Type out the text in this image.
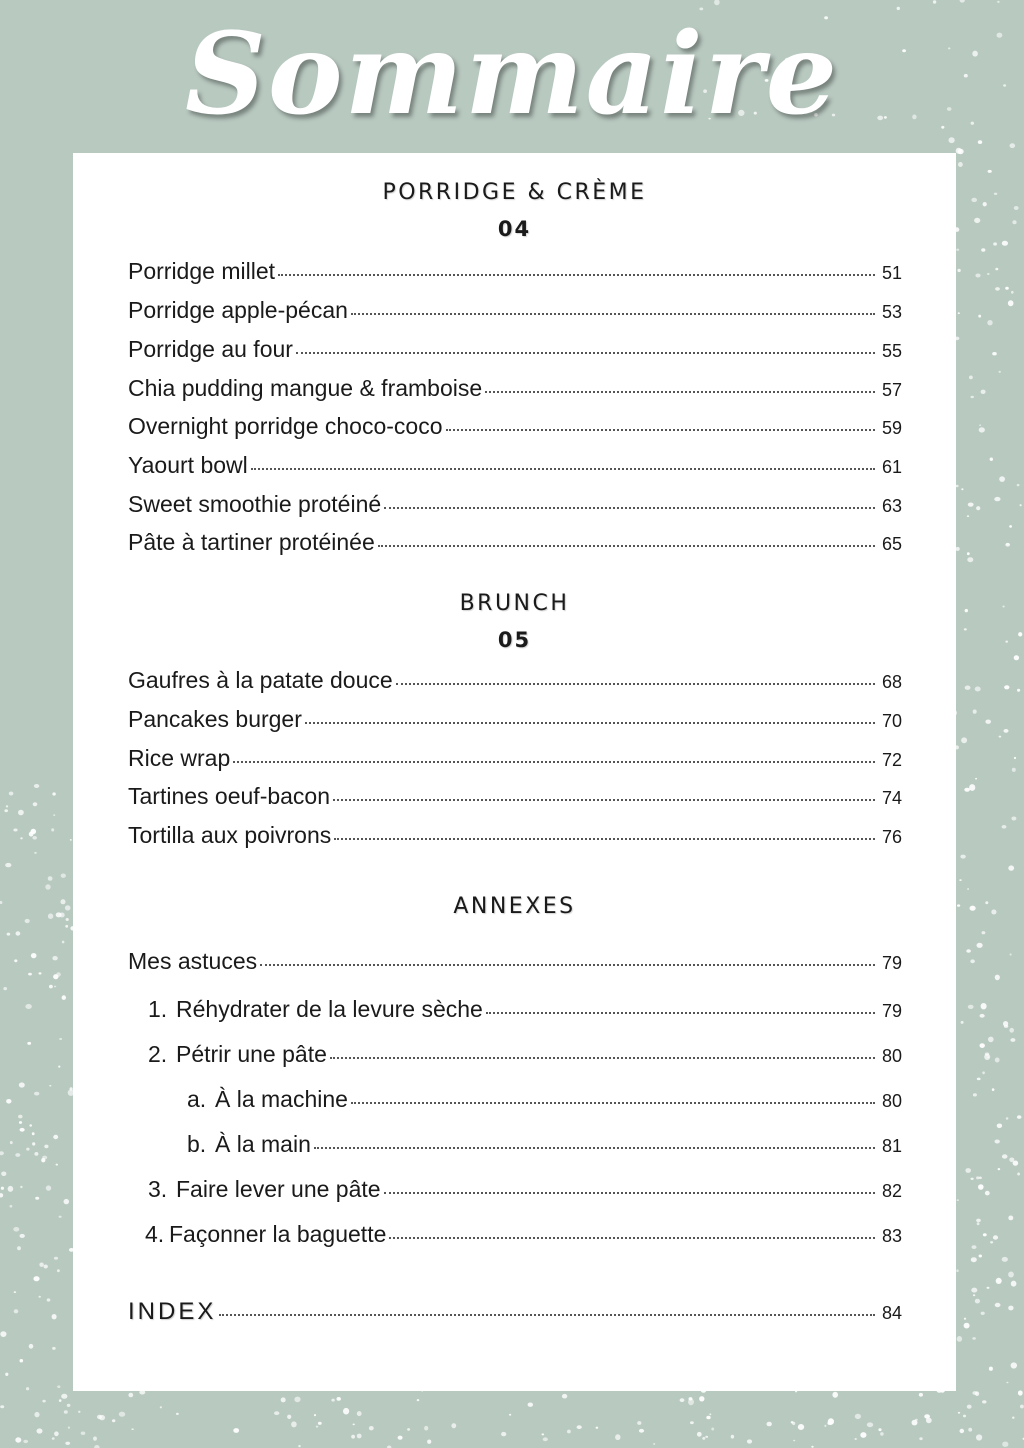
Sommaire
PORRIDGE & CRÈME
04
Porridge millet	51
Porridge apple-pécan	53
Porridge au four	55
Chia pudding mangue & framboise	57
Overnight porridge choco-coco	59
Yaourt bowl	61
Sweet smoothie protéiné	63
Pâte à tartiner protéinée	65
BRUNCH
05
Gaufres à la patate douce	68
Pancakes burger	70
Rice wrap	72
Tartines oeuf-bacon	74
Tortilla aux poivrons	76
ANNEXES
Mes astuces	79
1. Réhydrater de la levure sèche	79
2. Pétrir une pâte	80
a. À la machine	80
b. À la main	81
3. Faire lever une pâte	82
4. Façonner la baguette	83
INDEX	84
